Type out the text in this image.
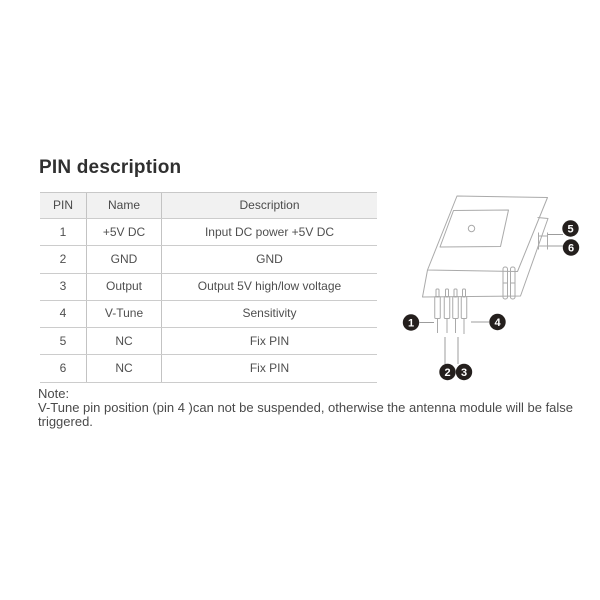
PIN description
PIN	Name	Description
1	+5V DC	Input DC power +5V DC
2	GND	GND
3	Output	Output 5V high/low voltage
4	V-Tune	Sensitivity
5	NC	Fix PIN
6	NC	Fix PIN
1
2 3
4
5
6
Note:
V-Tune pin position (pin 4 )can not be suspended, otherwise the antenna module will be false triggered.
